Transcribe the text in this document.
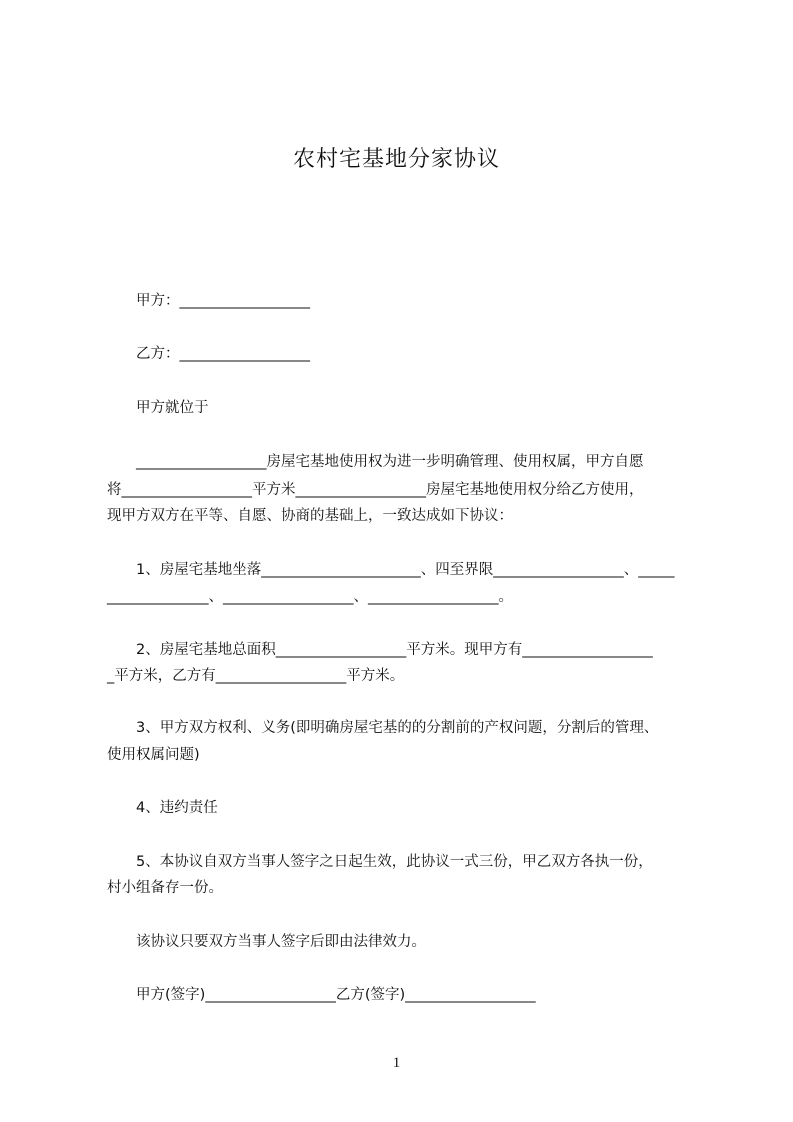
农村宅基地分家协议
甲方：__________________
乙方：__________________
甲方就位于
__________________房屋宅基地使用权为进一步明确管理、使用权属，甲方自愿
将__________________平方米__________________房屋宅基地使用权分给乙方使用，
现甲方双方在平等、自愿、协商的基础上，一致达成如下协议：
1、房屋宅基地坐落______________________、四至界限__________________、_____
______________、__________________、__________________。
2、房屋宅基地总面积__________________平方米。现甲方有__________________
_平方米，乙方有__________________平方米。
3、甲方双方权利、义务(即明确房屋宅基的的分割前的产权问题，分割后的管理、
使用权属问题)
4、违约责任
5、本协议自双方当事人签字之日起生效，此协议一式三份，甲乙双方各执一份，
村小组备存一份。
该协议只要双方当事人签字后即由法律效力。
甲方(签字)__________________乙方(签字)__________________
1
